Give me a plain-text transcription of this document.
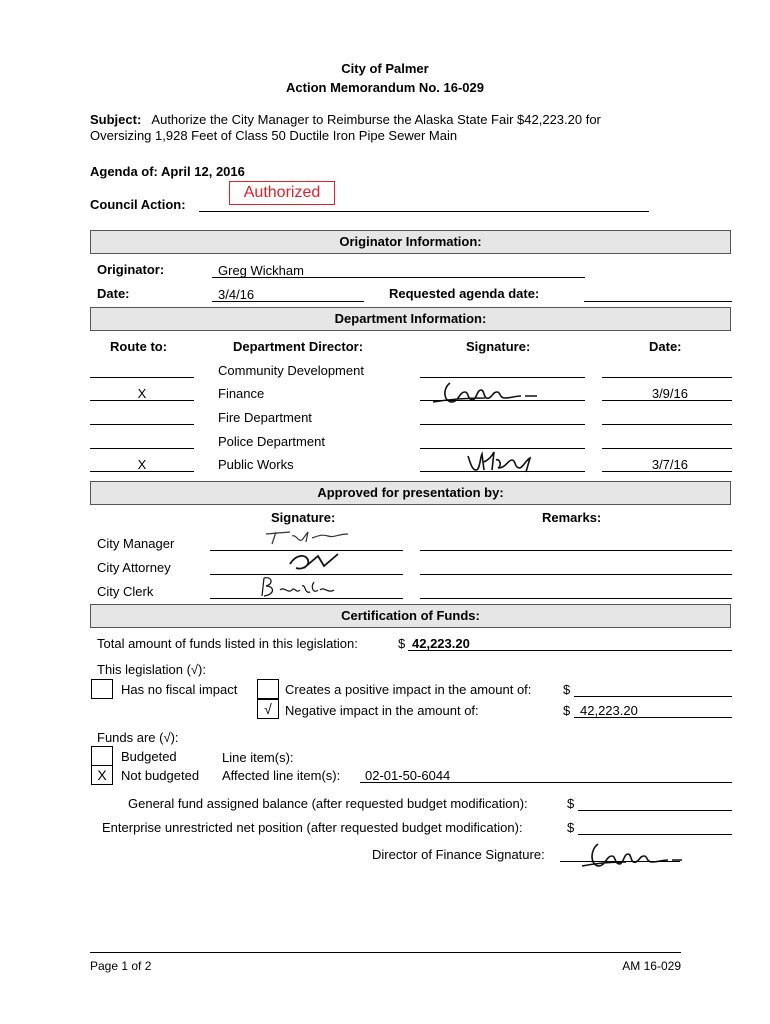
City of Palmer
Action Memorandum No. 16-029
Subject: Authorize the City Manager to Reimburse the Alaska State Fair $42,223.20 for
Oversizing 1,928 Feet of Class 50 Ductile Iron Pipe Sewer Main
Agenda of: April 12, 2016
Authorized
Council Action:
Originator Information:
Originator:	Greg Wickham
Date:	3/4/16	Requested agenda date:
Department Information:
Route to:	Department Director:	Signature:	Date:
Community Development
X	Finance	3/9/16
Fire Department
Police Department
X	Public Works	3/7/16
Approved for presentation by:
Signature:	Remarks:
City Manager
City Attorney
City Clerk
Certification of Funds:
Total amount of funds listed in this legislation:	$ 42,223.20
This legislation (√):
Has no fiscal impact	Creates a positive impact in the amount of: $
√	Negative impact in the amount of:	$ 42,223.20
Funds are (√):
Budgeted
X	Not budgeted
Line item(s):
Affected line item(s): 02-01-50-6044
General fund assigned balance (after requested budget modification):	$
Enterprise unrestricted net position (after requested budget modification):	$
Director of Finance Signature:
Page 1 of 2	AM 16-029
